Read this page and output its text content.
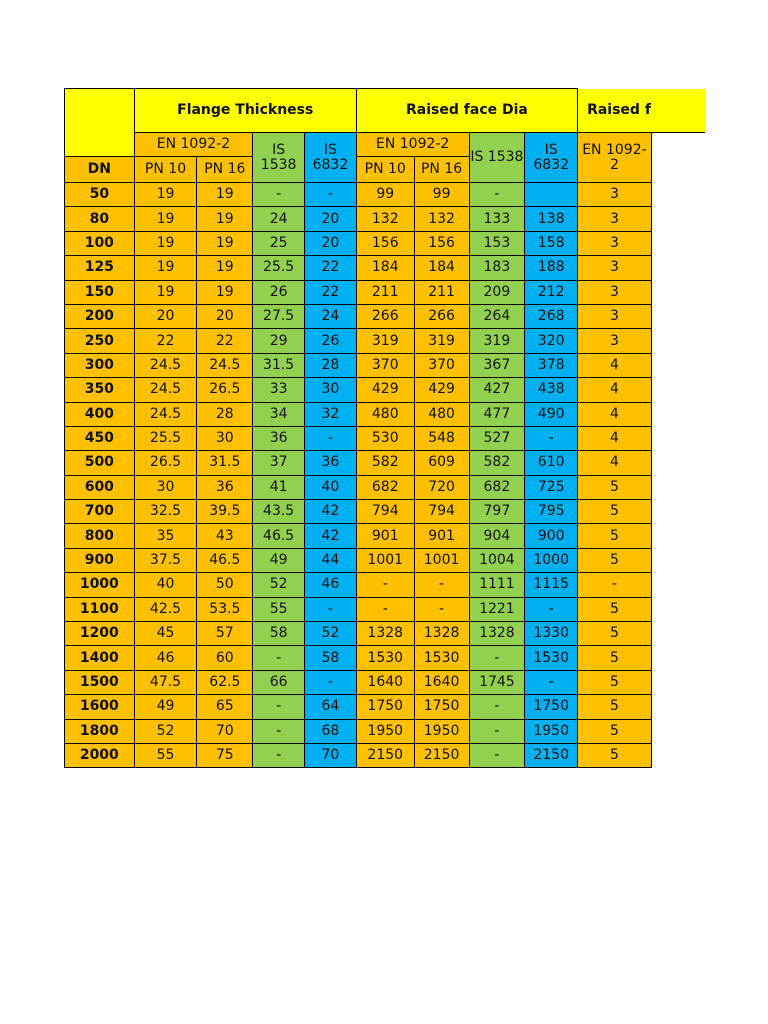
	Flange Thickness				Raised face Dia				Raised f	
	EN 1092-2		IS 1538	IS 6832	EN 1092-2		IS 1538	IS 6832	EN 1092-2	
DN	PN 10	PN 16			PN 10	PN 16				
50	19	19	-	-	99	99	-		3	
80	19	19	24	20	132	132	133	138	3	
100	19	19	25	20	156	156	153	158	3	
125	19	19	25.5	22	184	184	183	188	3	
150	19	19	26	22	211	211	209	212	3	
200	20	20	27.5	24	266	266	264	268	3	
250	22	22	29	26	319	319	319	320	3	
300	24.5	24.5	31.5	28	370	370	367	378	4	
350	24.5	26.5	33	30	429	429	427	438	4	
400	24.5	28	34	32	480	480	477	490	4	
450	25.5	30	36	-	530	548	527	-	4	
500	26.5	31.5	37	36	582	609	582	610	4	
600	30	36	41	40	682	720	682	725	5	
700	32.5	39.5	43.5	42	794	794	797	795	5	
800	35	43	46.5	42	901	901	904	900	5	
900	37.5	46.5	49	44	1001	1001	1004	1000	5	
1000	40	50	52	46	-	-	1111	1115	-	
1100	42.5	53.5	55	-	-	-	1221	-	5	
1200	45	57	58	52	1328	1328	1328	1330	5	
1400	46	60	-	58	1530	1530	-	1530	5	
1500	47.5	62.5	66	-	1640	1640	1745	-	5	
1600	49	65	-	64	1750	1750	-	1750	5	
1800	52	70	-	68	1950	1950	-	1950	5	
2000	55	75	-	70	2150	2150	-	2150	5	
